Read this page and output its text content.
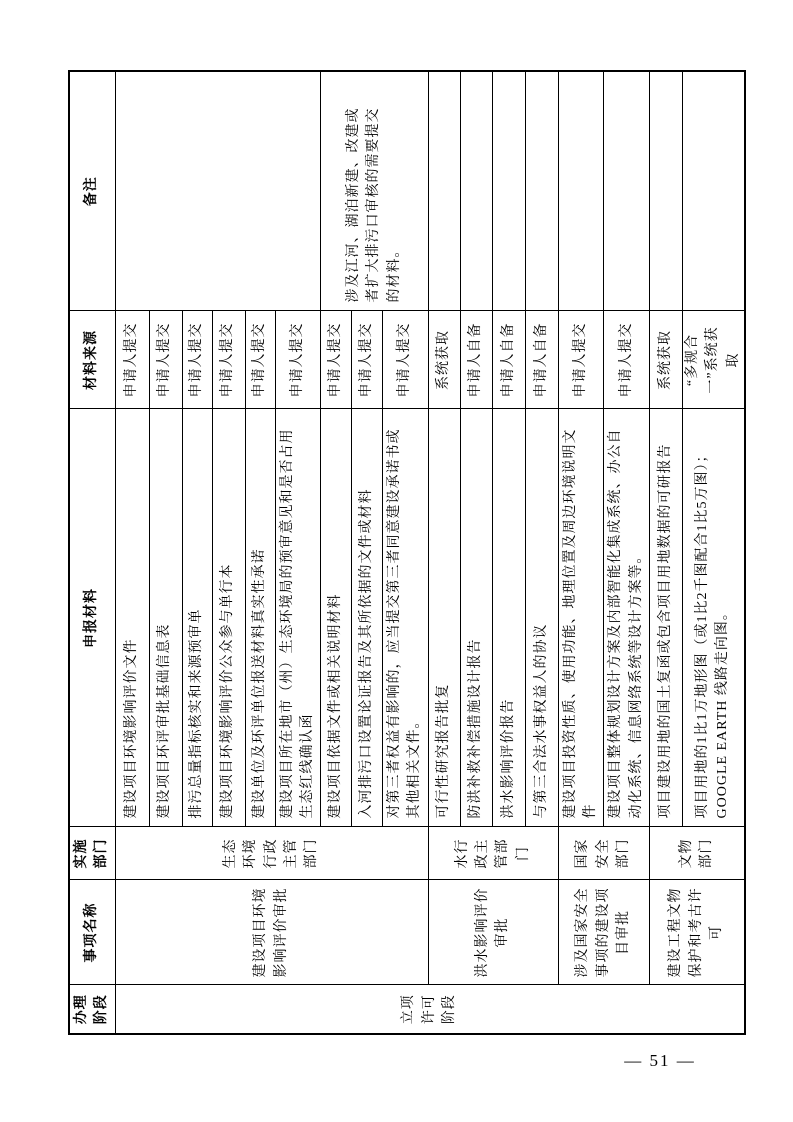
办理阶段	事项名称	实施部门	申报材料	材料来源	备注
立项许可阶段	建设项目环境影响评价审批	生态环境行政主管部门	建设项目环境影响评价文件	申请人提交	
			建设项目环评审批基础信息表	申请人提交	
			排污总量指标核实和来源预审单	申请人提交	
			建设项目环境影响评价公众参与单行本	申请人提交	
			建设单位及环评单位报送材料真实性承诺	申请人提交	
			建设项目所在地市（州）生态环境局的预审意见和是否占用生态红线确认函	申请人提交	
			建设项目依据文件或相关说明材料	申请人提交	涉及江河、湖泊新建、改建或者扩大排污口审核的需要提交的材料。
			入河排污口设置论证报告及其所依据的文件或材料	申请人提交	
			对第三者权益有影响的，应当提交第三者同意建设承诺书或其他相关文件。	申请人提交	
	洪水影响评价审批	水行政主管部门	可行性研究报告批复	系统获取	
			防洪补救补偿措施设计报告	申请人自备	
			洪水影响评价报告	申请人自备	
			与第三合法水事权益人的协议	申请人自备	
	涉及国家安全事项的建设项目审批	国家安全部门	建设项目投资性质、使用功能、地理位置及周边环境说明文件	申请人提交	
			建设项目整体规划设计方案及内部智能化集成系统、办公自动化系统、信息网络系统等设计方案等。	申请人提交	
	建设工程文物保护和考古许可	文物部门	项目建设用地的国土复函或包含项目用地数据的可研报告	系统获取	
			项目用地的1比1万地形图（或1比2千图配合1比5万图）；GOOGLE EARTH 线路走向图。	“多规合一”系统获取	
— 51 —
